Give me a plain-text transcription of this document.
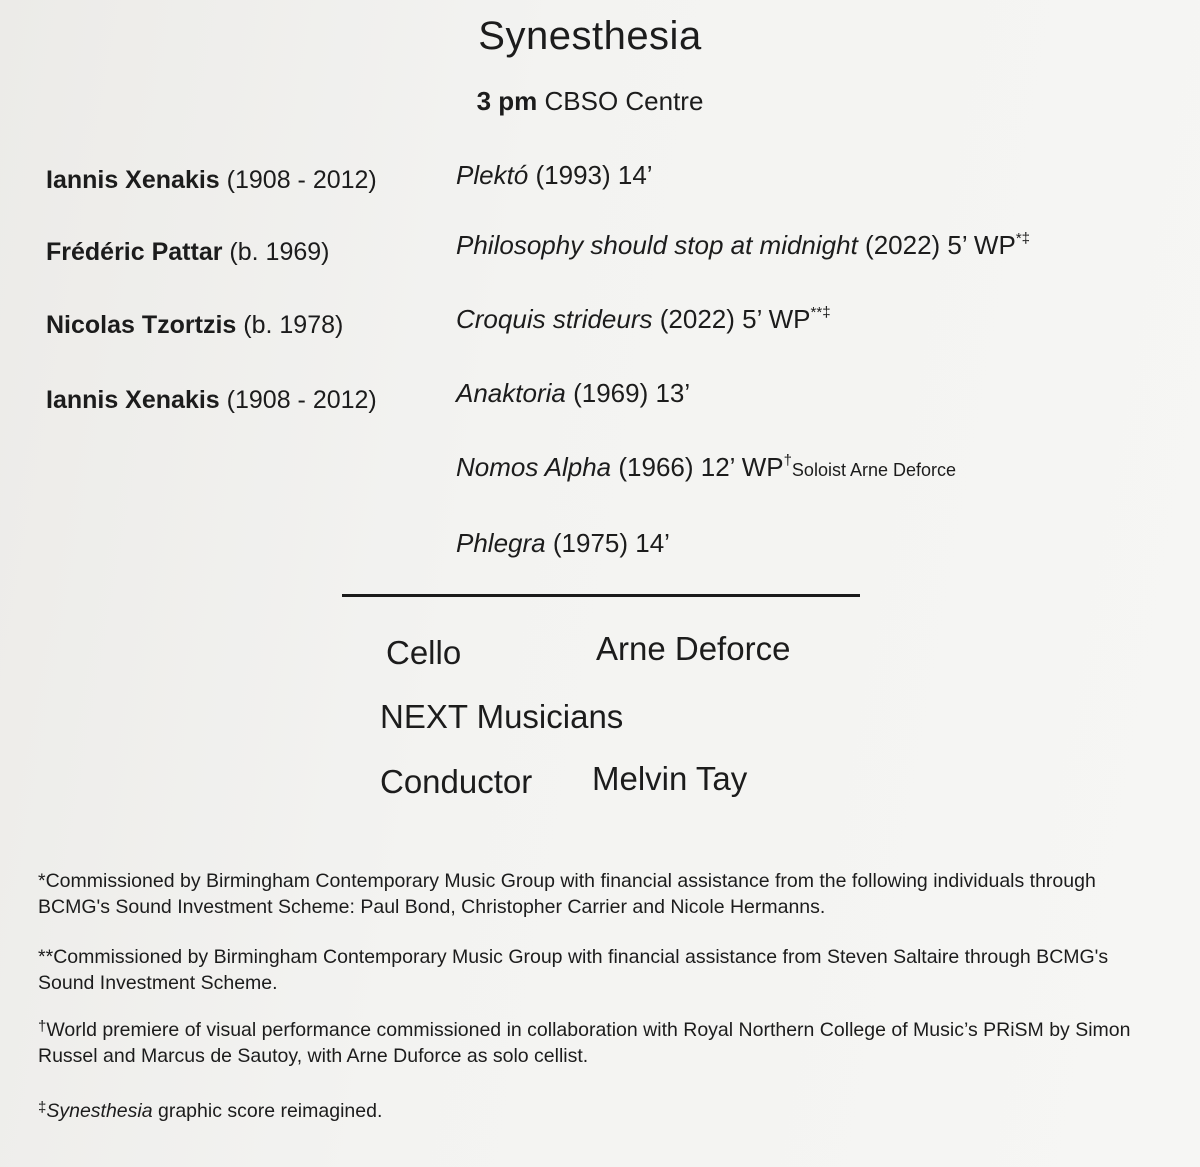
Synesthesia
3 pm CBSO Centre
Iannis Xenakis (1908 - 2012)
Frédéric Pattar (b. 1969)
Nicolas Tzortzis (b. 1978)
Iannis Xenakis (1908 - 2012)
Plektó (1993) 14’
Philosophy should stop at midnight (2022) 5’ WP*‡
Croquis strideurs (2022) 5’ WP**‡
Anaktoria (1969) 13’
Nomos Alpha (1966) 12’ WP†Soloist Arne Deforce
Phlegra (1975) 14’
Cello	Arne Deforce
NEXT Musicians
Conductor Melvin Tay
*Commissioned by Birmingham Contemporary Music Group with financial assistance from the following individuals through BCMG's Sound Investment Scheme: Paul Bond, Christopher Carrier and Nicole Hermanns.
**Commissioned by Birmingham Contemporary Music Group with financial assistance from Steven Saltaire through BCMG's Sound Investment Scheme.
†World premiere of visual performance commissioned in collaboration with Royal Northern College of Music’s PRiSM by Simon Russel and Marcus de Sautoy, with Arne Duforce as solo cellist.
‡Synesthesia graphic score reimagined.
